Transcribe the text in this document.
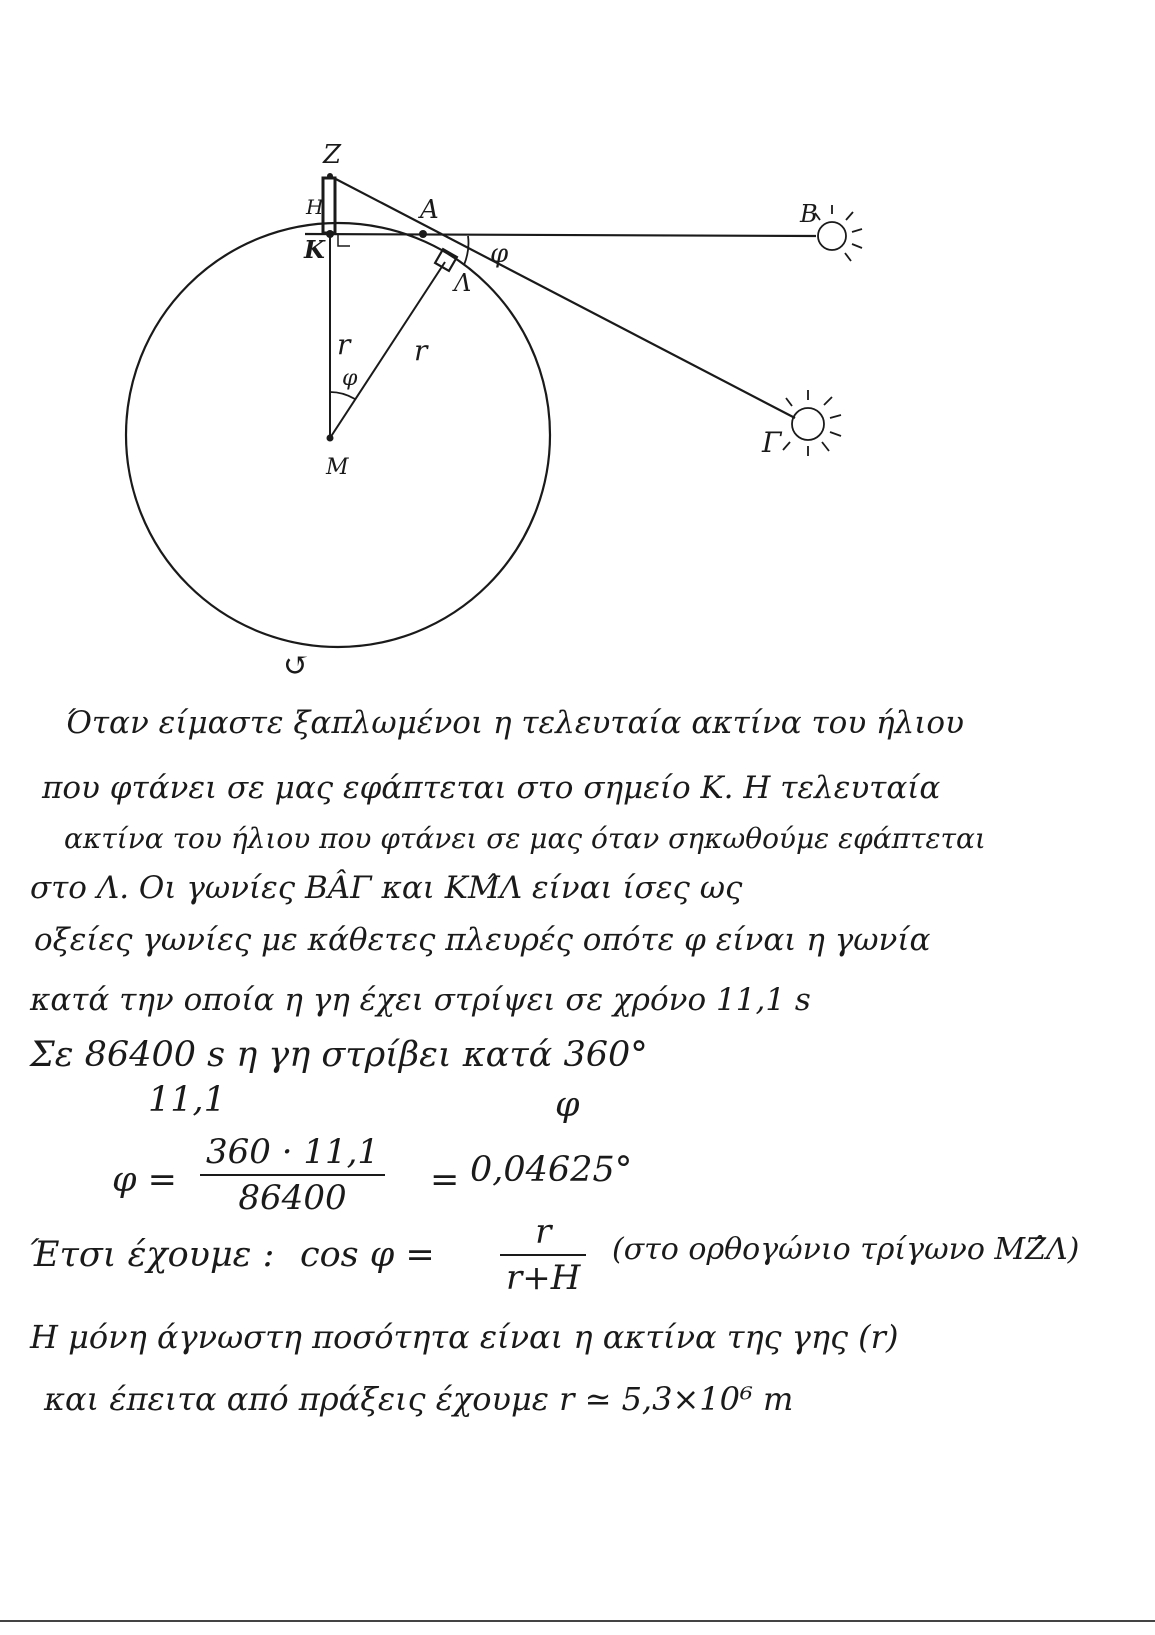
Z
H
K
A	B
Λ
Γ
M
r r
φ
φ
↺
Όταν είμαστε ξαπλωμένοι η τελευταία ακτίνα του ήλιου
που φτάνει σε μας εφάπτεται στο σημείο Κ. Η τελευταία
ακτίνα του ήλιου που φτάνει σε μας όταν σηκωθούμε εφάπτεται
στο Λ. Οι γωνίες ΒÂΓ και ΚΜ̂Λ είναι ίσες ως
οξείες γωνίες με κάθετες πλευρές οπότε φ είναι η γωνία
κατά την οποία η γη έχει στρίψει σε χρόνο 11,1 s
Σε 86400 s η γη στρίβει κατά 360°
11,1	φ
$\varphi = \frac{360 \cdot 11,1}{86400} = 0,04625^\circ$
Έτσι έχουμε : $\cos \varphi = \frac{r}{r+H} (\sigma\tau o$ ορθογώνιο τρίγωνο ΜΖ̂Λ)
Η μόνη άγνωστη ποσότητα είναι η ακτίνα της γης (r)
και έπειτα από πράξεις έχουμε r ≃ 5,3×10⁶ m
